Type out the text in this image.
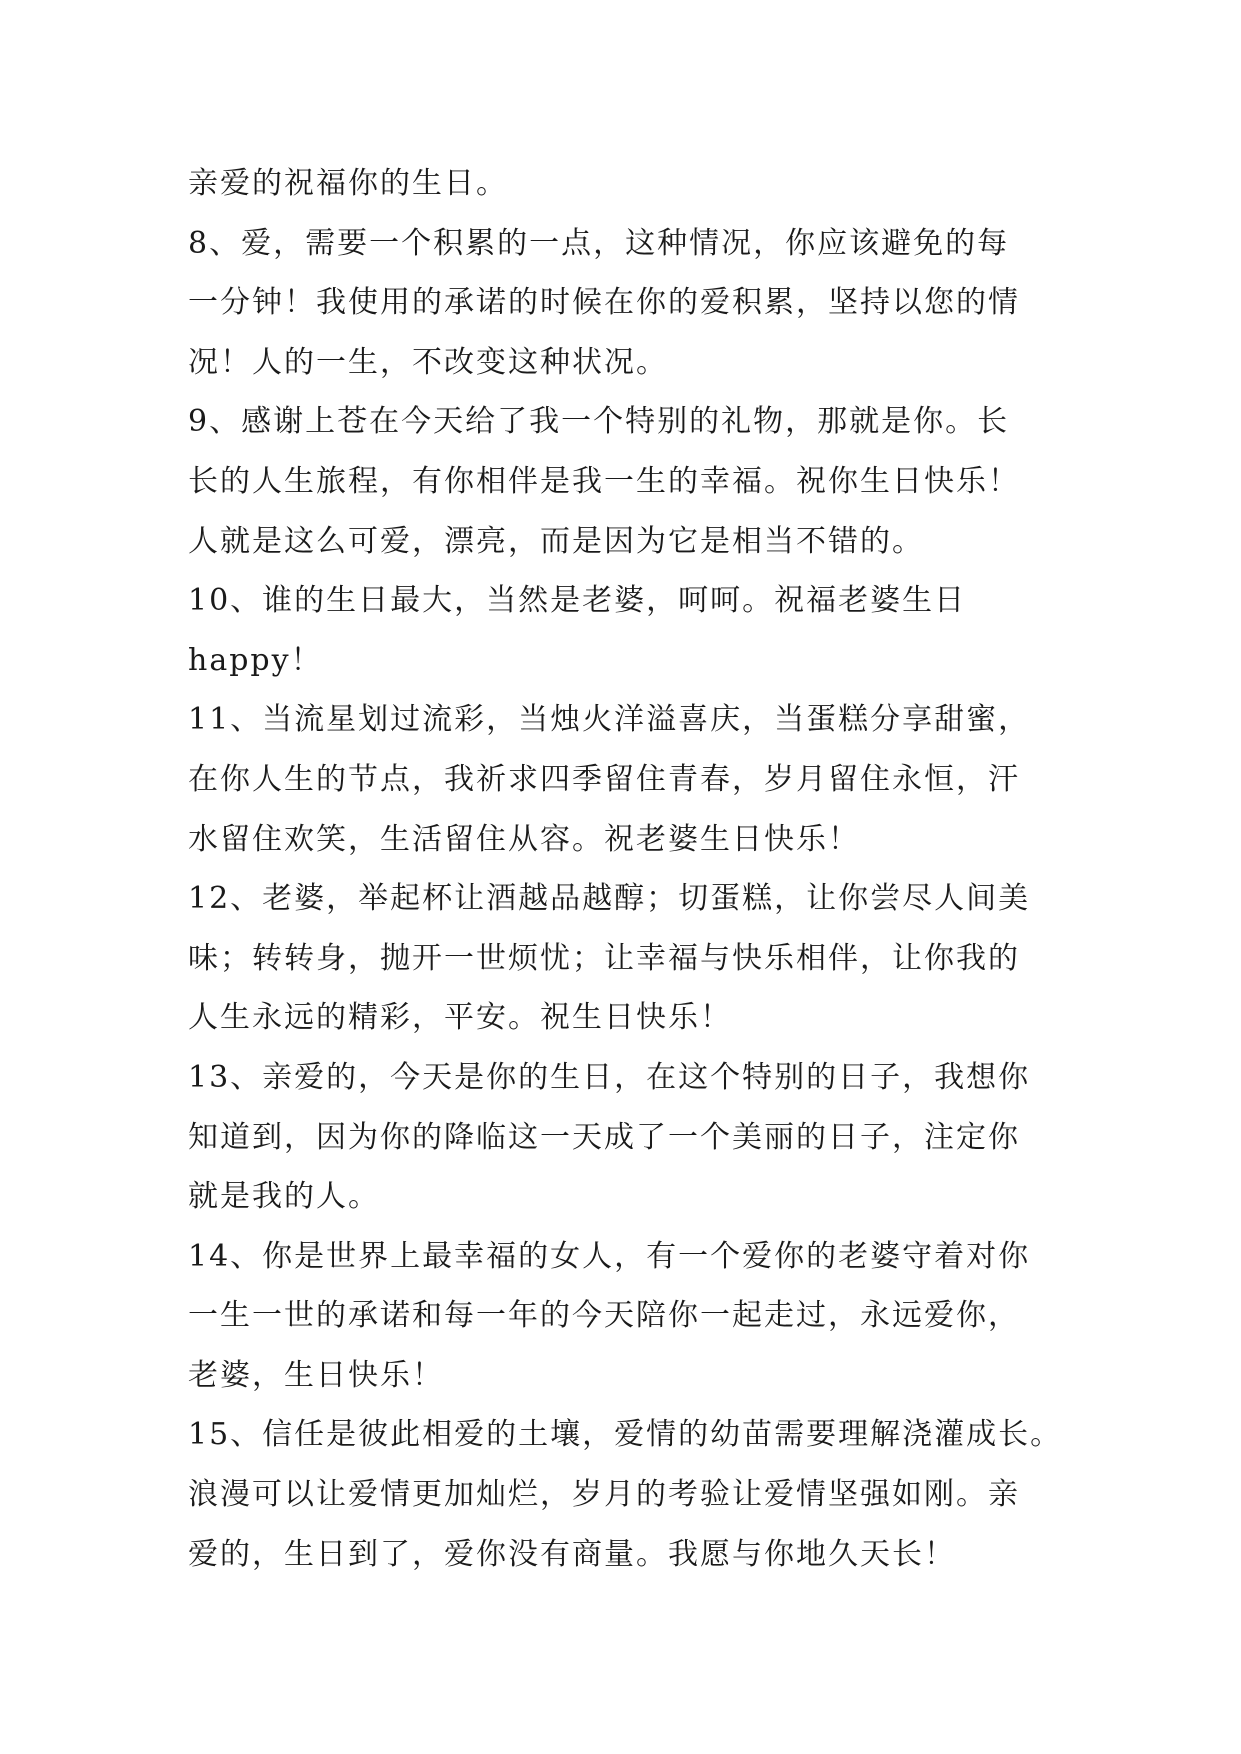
亲爱的祝福你的生日。
8、爱，需要一个积累的一点，这种情况，你应该避免的每
一分钟！我使用的承诺的时候在你的爱积累，坚持以您的情
况！人的一生，不改变这种状况。
9、感谢上苍在今天给了我一个特别的礼物，那就是你。长
长的人生旅程，有你相伴是我一生的幸福。祝你生日快乐！
人就是这么可爱，漂亮，而是因为它是相当不错的。
10、谁的生日最大，当然是老婆，呵呵。祝福老婆生日
happy！
11、当流星划过流彩，当烛火洋溢喜庆，当蛋糕分享甜蜜，
在你人生的节点，我祈求四季留住青春，岁月留住永恒，汗
水留住欢笑，生活留住从容。祝老婆生日快乐！
12、老婆，举起杯让酒越品越醇；切蛋糕，让你尝尽人间美
味；转转身，抛开一世烦忧；让幸福与快乐相伴，让你我的
人生永远的精彩，平安。祝生日快乐！
13、亲爱的，今天是你的生日，在这个特别的日子，我想你
知道到，因为你的降临这一天成了一个美丽的日子，注定你
就是我的人。
14、你是世界上最幸福的女人，有一个爱你的老婆守着对你
一生一世的承诺和每一年的今天陪你一起走过，永远爱你，
老婆，生日快乐！
15、信任是彼此相爱的土壤，爱情的幼苗需要理解浇灌成长。
浪漫可以让爱情更加灿烂，岁月的考验让爱情坚强如刚。亲
爱的，生日到了，爱你没有商量。我愿与你地久天长！
